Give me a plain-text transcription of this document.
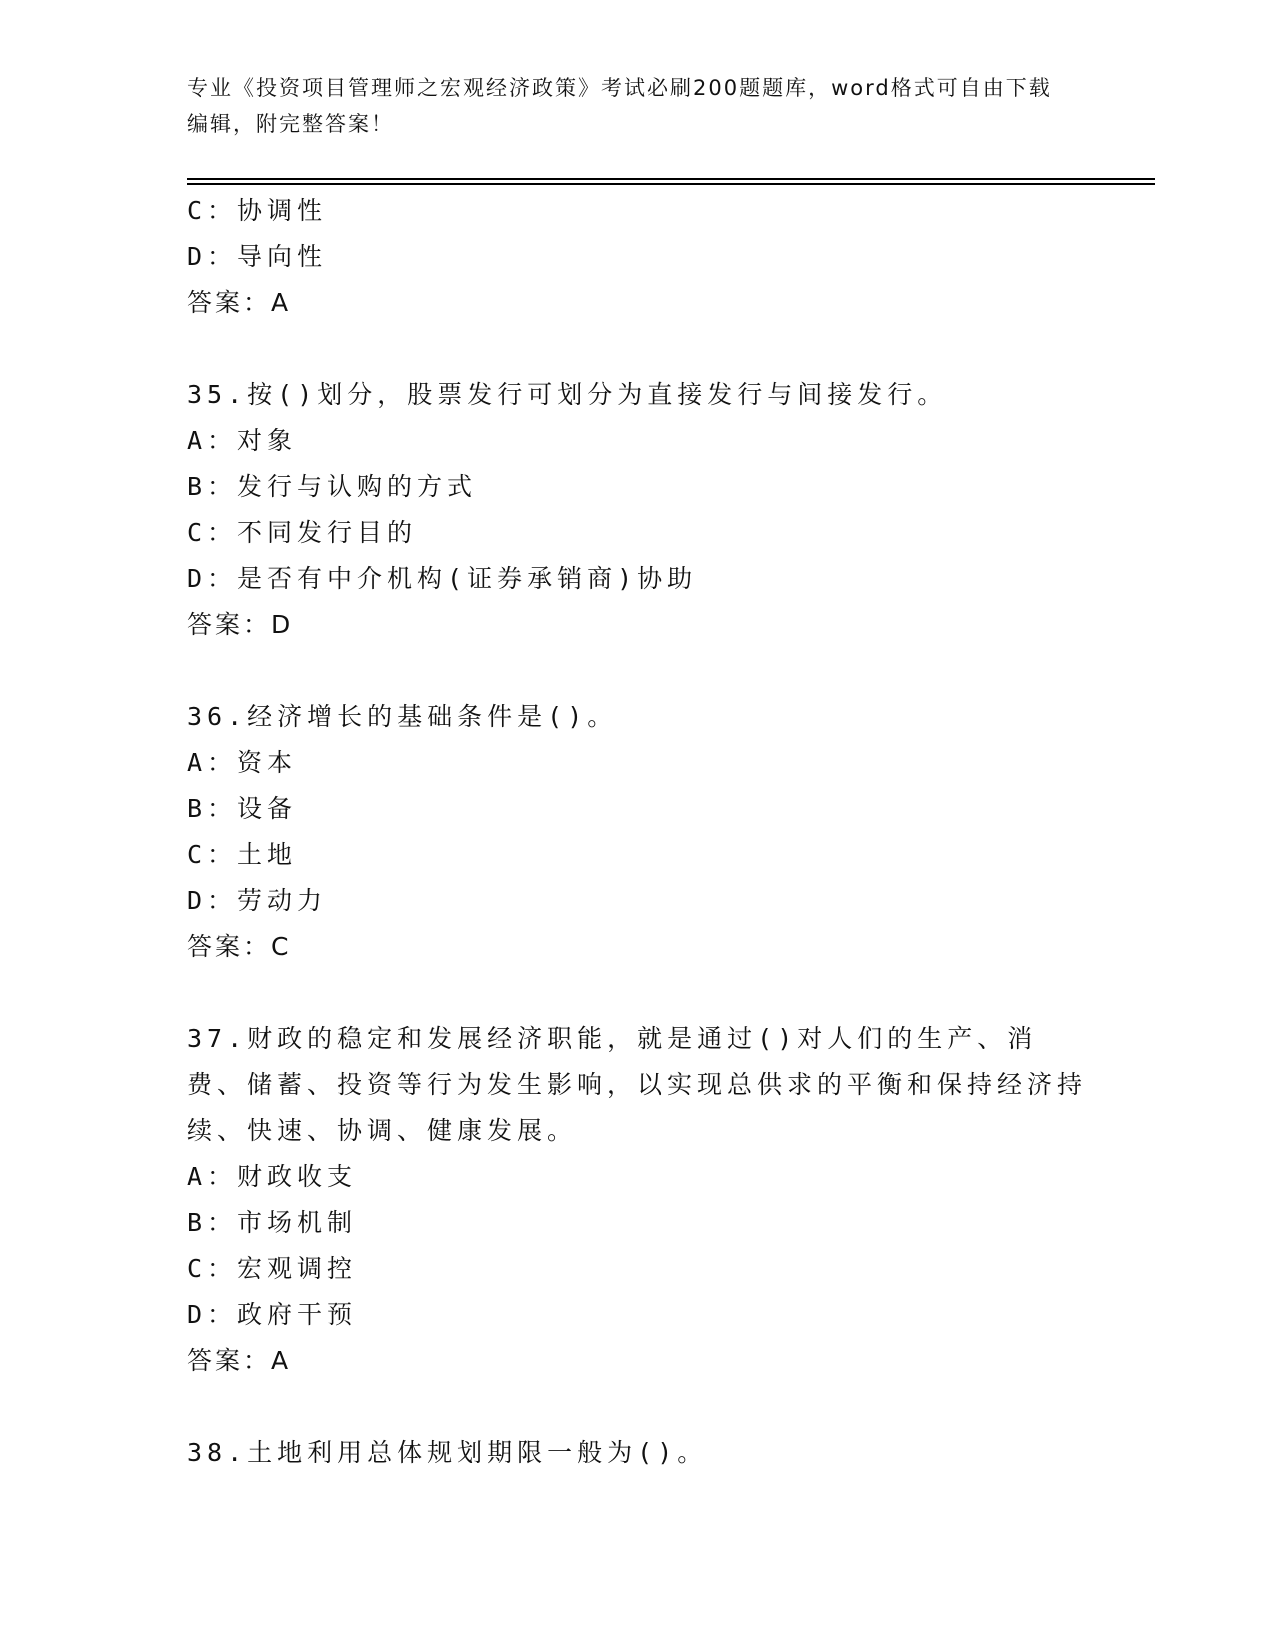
专业《投资项目管理师之宏观经济政策》考试必刷200题题库，word格式可自由下载编辑，附完整答案！
C：协调性
D：导向性
答案：A
35.按()划分，股票发行可划分为直接发行与间接发行。
A：对象
B：发行与认购的方式
C：不同发行目的
D：是否有中介机构(证券承销商)协助
答案：D
36.经济增长的基础条件是()。
A：资本
B：设备
C：土地
D：劳动力
答案：C
37.财政的稳定和发展经济职能，就是通过()对人们的生产、消费、储蓄、投资等行为发生影响，以实现总供求的平衡和保持经济持续、快速、协调、健康发展。
A：财政收支
B：市场机制
C：宏观调控
D：政府干预
答案：A
38.土地利用总体规划期限一般为()。
